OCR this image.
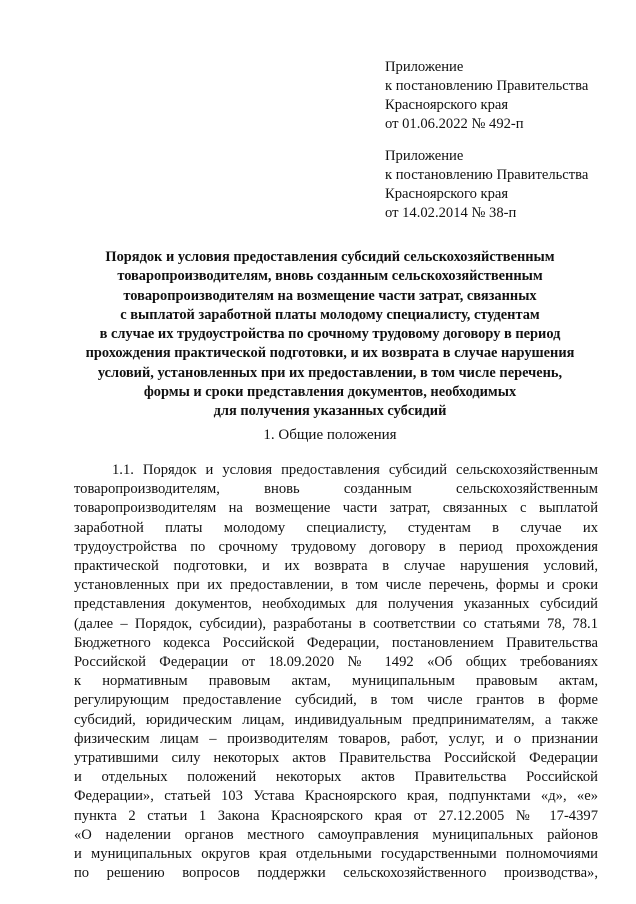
Приложение
к постановлению Правительства
Красноярского края
от 01.06.2022 № 492-п
Приложение
к постановлению Правительства
Красноярского края
от 14.02.2014 № 38-п
Порядок и условия предоставления субсидий сельскохозяйственным
товаропроизводителям, вновь созданным сельскохозяйственным
товаропроизводителям на возмещение части затрат, связанных
с выплатой заработной платы молодому специалисту, студентам
в случае их трудоустройства по срочному трудовому договору в период
прохождения практической подготовки, и их возврата в случае нарушения
условий, установленных при их предоставлении, в том числе перечень,
формы и сроки представления документов, необходимых
для получения указанных субсидий
1. Общие положения
1.1. Порядок и условия предоставления субсидий сельскохозяйственным
товаропроизводителям, вновь созданным сельскохозяйственным
товаропроизводителям на возмещение части затрат, связанных с выплатой
заработной платы молодому специалисту, студентам в случае их
трудоустройства по срочному трудовому договору в период прохождения
практической подготовки, и их возврата в случае нарушения условий,
установленных при их предоставлении, в том числе перечень, формы и сроки
представления документов, необходимых для получения указанных субсидий
(далее – Порядок, субсидии), разработаны в соответствии со статьями 78, 78.1
Бюджетного кодекса Российской Федерации, постановлением Правительства
Российской Федерации от 18.09.2020 № 1492 «Об общих требованиях
к нормативным правовым актам, муниципальным правовым актам,
регулирующим предоставление субсидий, в том числе грантов в форме
субсидий, юридическим лицам, индивидуальным предпринимателям, а также
физическим лицам – производителям товаров, работ, услуг, и о признании
утратившими силу некоторых актов Правительства Российской Федерации
и отдельных положений некоторых актов Правительства Российской
Федерации», статьей 103 Устава Красноярского края, подпунктами «д», «е»
пункта 2 статьи 1 Закона Красноярского края от 27.12.2005 № 17-4397
«О наделении органов местного самоуправления муниципальных районов
и муниципальных округов края отдельными государственными полномочиями
по решению вопросов поддержки сельскохозяйственного производства»,
